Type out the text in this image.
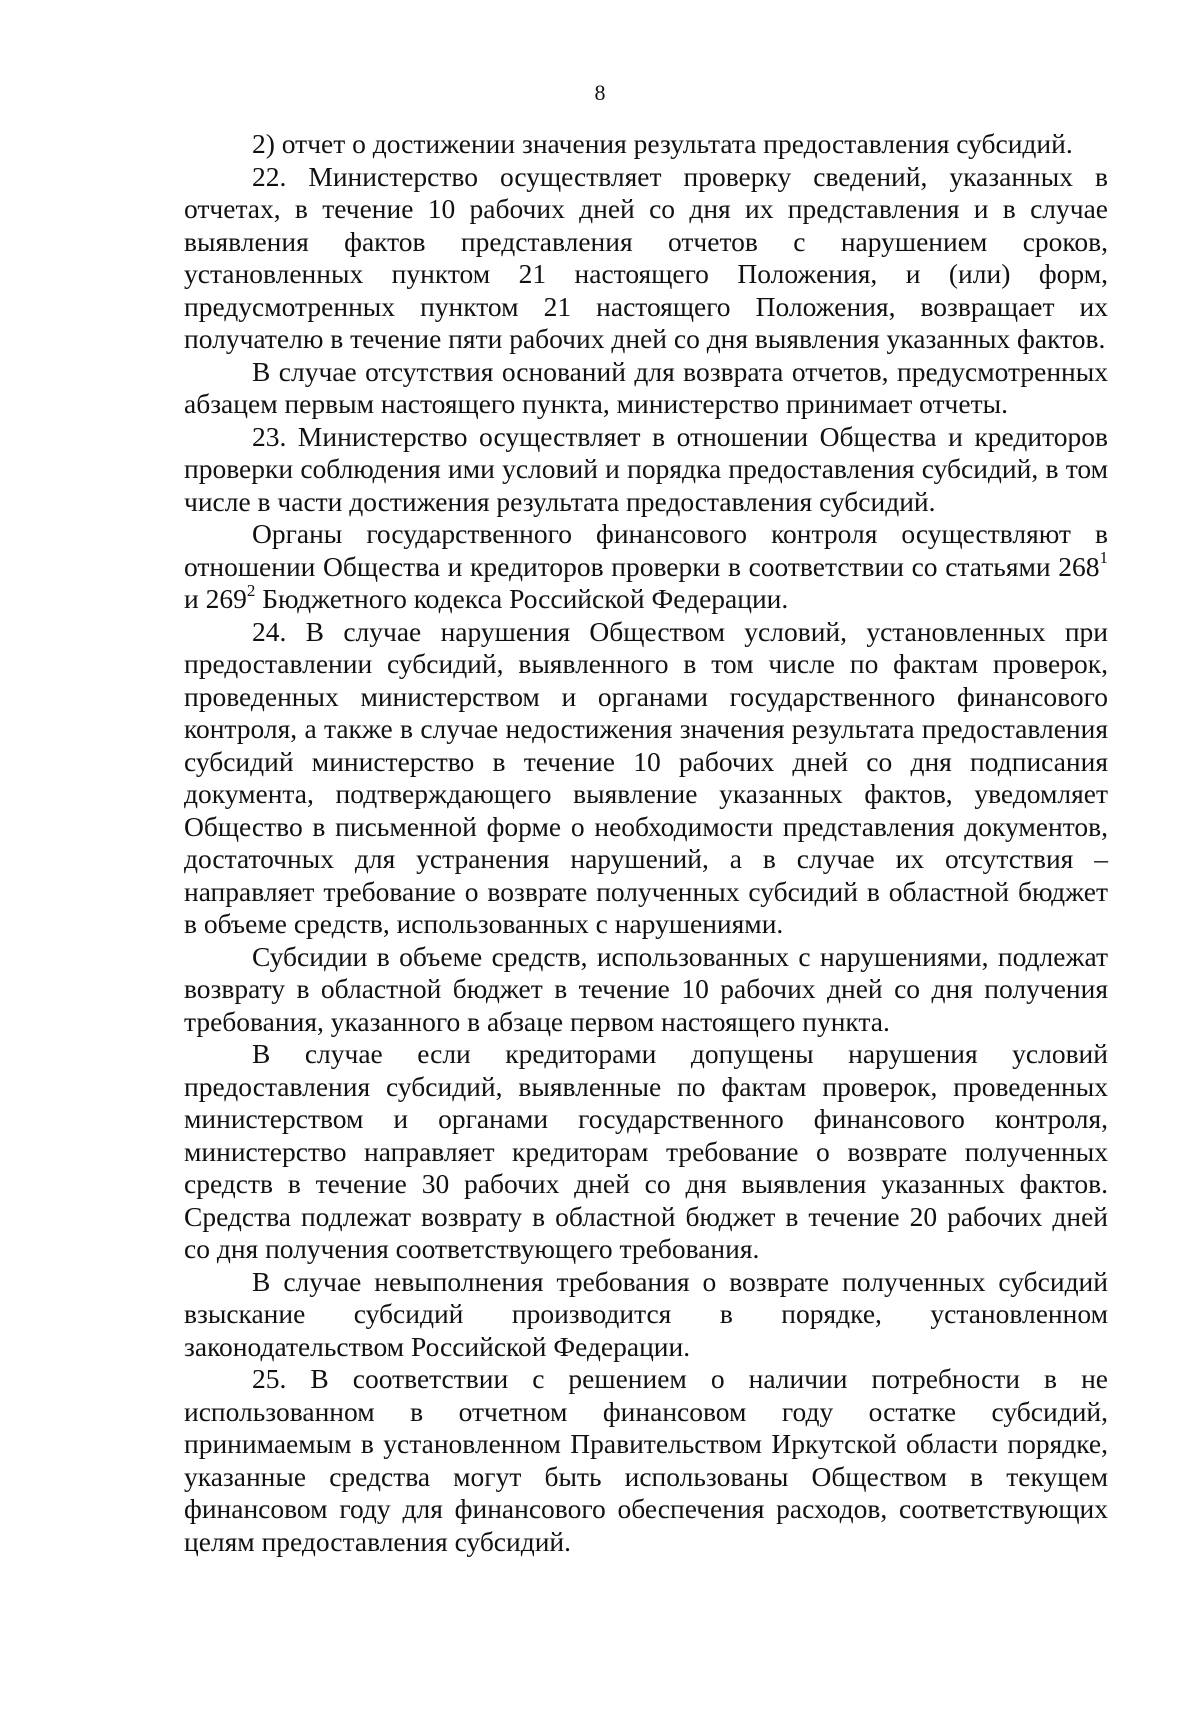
8

2) отчет о достижении значения результата предоставления субсидий.

22. Министерство осуществляет проверку сведений, указанных в отчетах, в течение 10 рабочих дней со дня их представления и в случае выявления фактов представления отчетов с нарушением сроков, установленных пунктом 21 настоящего Положения, и (или) форм, предусмотренных пунктом 21 настоящего Положения, возвращает их получателю в течение пяти рабочих дней со дня выявления указанных фактов.

В случае отсутствия оснований для возврата отчетов, предусмотренных абзацем первым настоящего пункта, министерство принимает отчеты.

23. Министерство осуществляет в отношении Общества и кредиторов проверки соблюдения ими условий и порядка предоставления субсидий, в том числе в части достижения результата предоставления субсидий.

Органы государственного финансового контроля осуществляют в отношении Общества и кредиторов проверки в соответствии со статьями $268^1$ и $269^2$ Бюджетного кодекса Российской Федерации.

24. В случае нарушения Обществом условий, установленных при предоставлении субсидий, выявленного в том числе по фактам проверок, проведенных министерством и органами государственного финансового контроля, а также в случае недостижения значения результата предоставления субсидий министерство в течение 10 рабочих дней со дня подписания документа, подтверждающего выявление указанных фактов, уведомляет Общество в письменной форме о необходимости представления документов, достаточных для устранения нарушений, а в случае их отсутствия – направляет требование о возврате полученных субсидий в областной бюджет в объеме средств, использованных с нарушениями.

Субсидии в объеме средств, использованных с нарушениями, подлежат возврату в областной бюджет в течение 10 рабочих дней со дня получения требования, указанного в абзаце первом настоящего пункта.

В случае если кредиторами допущены нарушения условий предоставления субсидий, выявленные по фактам проверок, проведенных министерством и органами государственного финансового контроля, министерство направляет кредиторам требование о возврате полученных средств в течение 30 рабочих дней со дня выявления указанных фактов. Средства подлежат возврату в областной бюджет в течение 20 рабочих дней со дня получения соответствующего требования.

В случае невыполнения требования о возврате полученных субсидий взыскание субсидий производится в порядке, установленном законодательством Российской Федерации.

25. В соответствии с решением о наличии потребности в не использованном в отчетном финансовом году остатке субсидий, принимаемым в установленном Правительством Иркутской области порядке, указанные средства могут быть использованы Обществом в текущем финансовом году для финансового обеспечения расходов, соответствующих целям предоставления субсидий.
